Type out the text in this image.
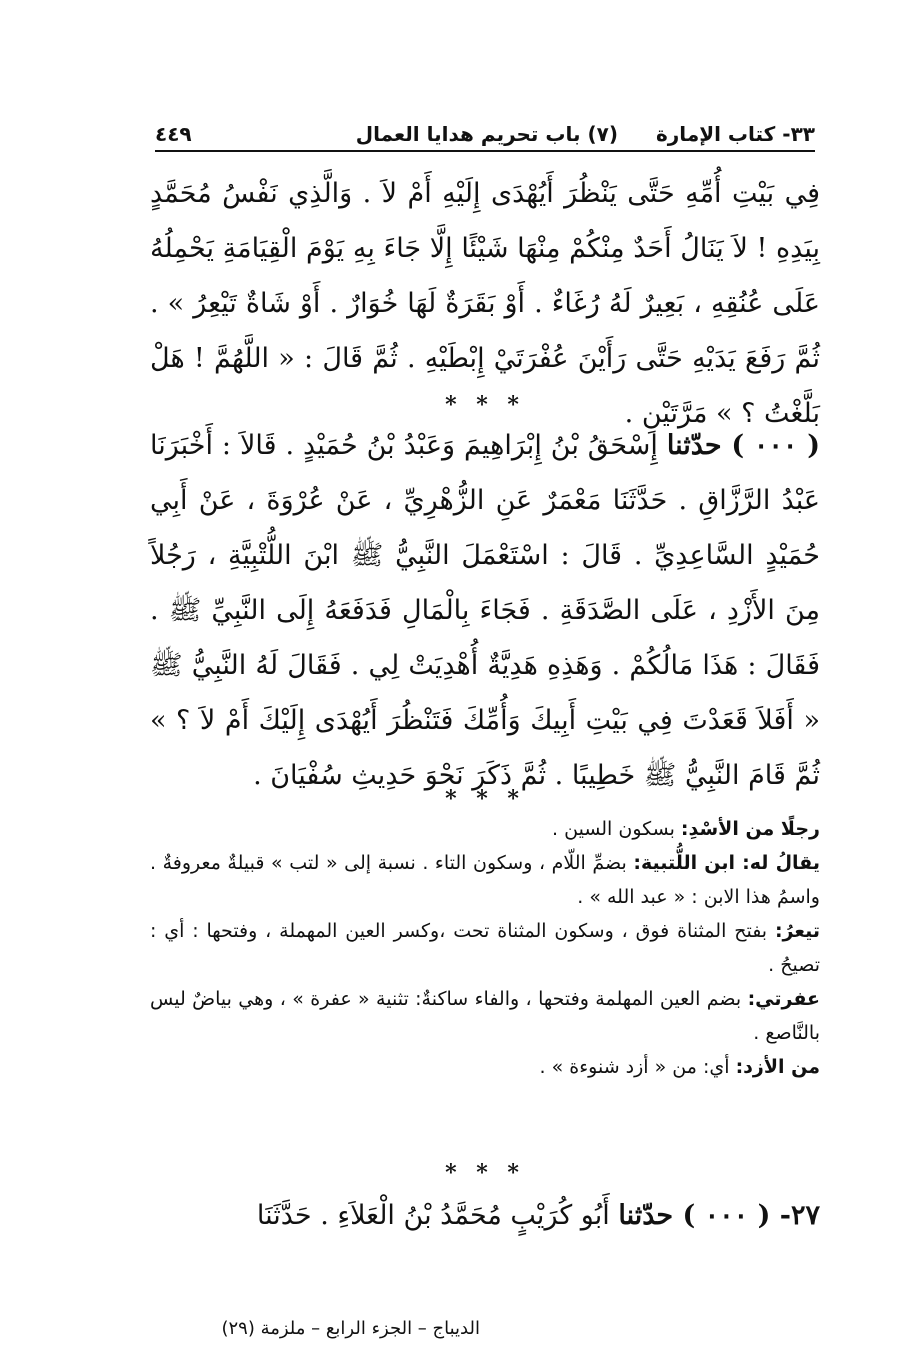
٣٣- كتاب الإمارة
(٧) باب تحريم هدايا العمال
٤٤٩

فِي بَيْتِ أُمِّهِ حَتَّى يَنْظُرَ أَيُهْدَى إِلَيْهِ أَمْ لاَ . وَالَّذِي نَفْسُ مُحَمَّدٍ بِيَدِهِ ! لاَ يَنَالُ أَحَدٌ مِنْكُمْ مِنْهَا شَيْئًا إِلَّا جَاءَ بِهِ يَوْمَ الْقِيَامَةِ يَحْمِلُهُ عَلَى عُنُقِهِ ، بَعِيرٌ لَهُ رُغَاءٌ . أَوْ بَقَرَةٌ لَهَا خُوَارٌ . أَوْ شَاةٌ تَيْعِرُ » . ثُمَّ رَفَعَ يَدَيْهِ حَتَّى رَأَيْنَ عُفْرَتَيْ إِبْطَيْهِ . ثُمَّ قَالَ : « اللَّهُمَّ ! هَلْ بَلَّغْتُ ؟ » مَرَّتَيْنِ .

* * *

( ٠٠٠ ) حدّثنا إِسْحَقُ بْنُ إِبْرَاهِيمَ وَعَبْدُ بْنُ حُمَيْدٍ . قَالاَ : أَخْبَرَنَا عَبْدُ الرَّزَّاقِ . حَدَّثَنَا مَعْمَرٌ عَنِ الزُّهْرِيِّ ، عَنْ عُرْوَةَ ، عَنْ أَبِي حُمَيْدٍ السَّاعِدِيِّ . قَالَ : اسْتَعْمَلَ النَّبِيُّ ﷺ ابْنَ اللُّتْبِيَّةِ ، رَجُلاً مِنَ الأَزْدِ ، عَلَى الصَّدَقَةِ . فَجَاءَ بِالْمَالِ فَدَفَعَهُ إِلَى النَّبِيِّ ﷺ . فَقَالَ : هَذَا مَالُكُمْ . وَهَذِهِ هَدِيَّةٌ أُهْدِيَتْ لِي . فَقَالَ لَهُ النَّبِيُّ ﷺ « أَفَلاَ قَعَدْتَ فِي بَيْتِ أَبِيكَ وَأُمِّكَ فَتَنْظُرَ أَيُهْدَى إِلَيْكَ أَمْ لاَ ؟ » ثُمَّ قَامَ النَّبِيُّ ﷺ خَطِيبًا . ثُمَّ ذَكَرَ نَحْوَ حَدِيثِ سُفْيَانَ .

* * *

رجلًا من الأسْدِ: بسكون السين .

يقالُ له: ابن اللُّتبية: بضمِّ اللّام ، وسكون التاء . نسبة إلى « لتب » قبيلةٌ معروفةٌ . واسمُ هذا الابن : « عبد الله » .

تيعرُ: بفتح المثناة فوق ، وسكون المثناة تحت ،وكسر العين المهملة ، وفتحها : أي : تصيحُ .

عفرتي: بضم العين المهلمة وفتحها ، والفاء ساكنةٌ: تثنية « عفرة » ، وهي بياضٌ ليس بالنَّاصع .

من الأزد: أي: من « أزد شنوءة » .

* * *

٢٧- ( ٠٠٠ ) حدّثنا أَبُو كُرَيْبٍ مُحَمَّدُ بْنُ الْعَلاَءِ . حَدَّثَنَا

الديباج – الجزء الرابع – ملزمة (٢٩)
